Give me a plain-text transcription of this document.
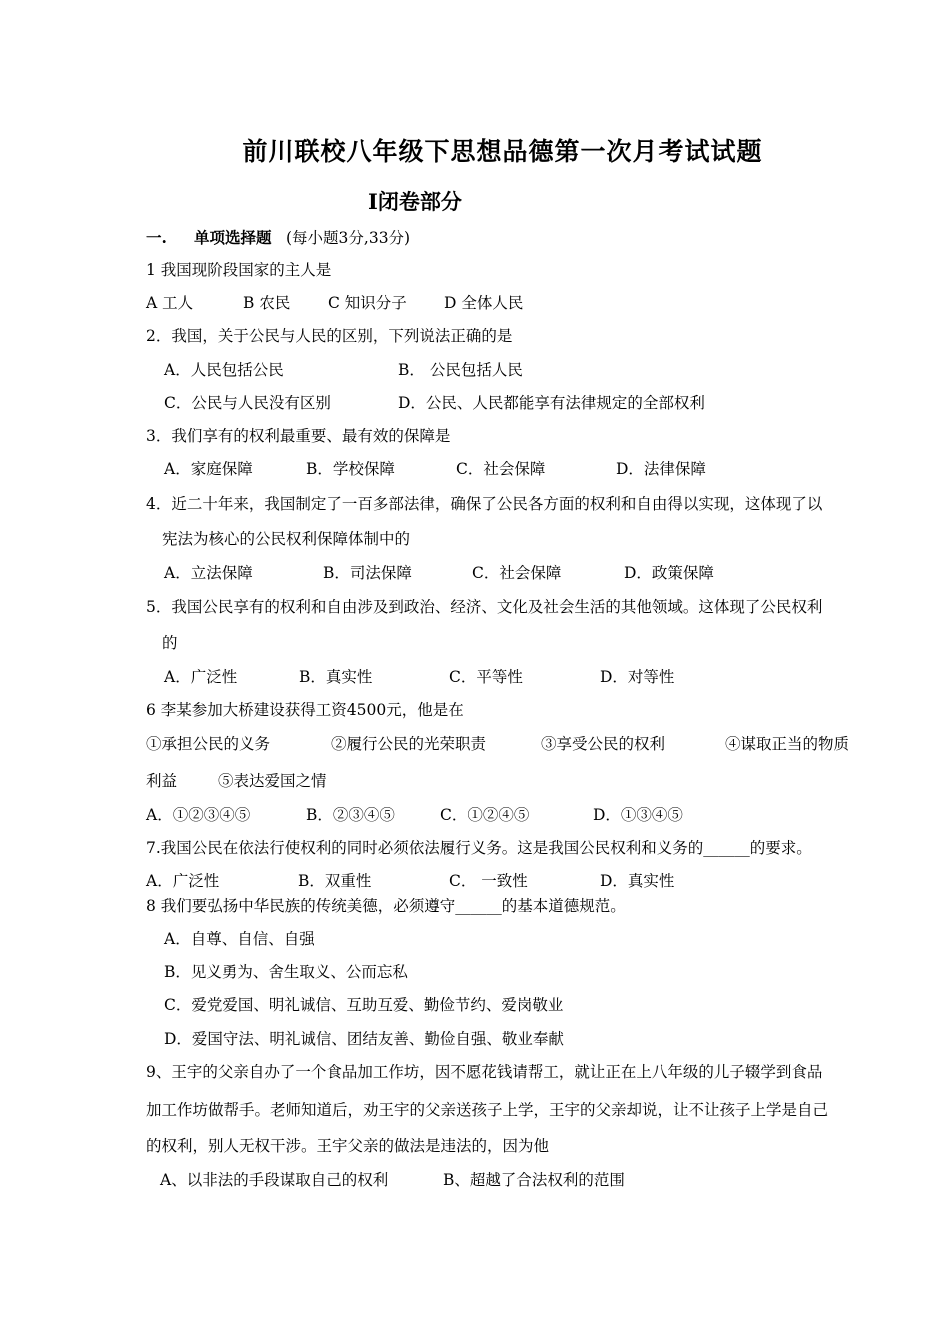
前川联校八年级下思想品德第一次月考试试题
Ⅰ闭卷部分
一. 单项选择题 (每小题3分,33分)
1 我国现阶段国家的主人是
A 工人	B 农民 C 知识分子 D 全体人民
2．我国，关于公民与人民的区别，下列说法正确的是
A．人民包括公民	B． 公民包括人民
C．公民与人民没有区别	D．公民、人民都能享有法律规定的全部权利
3．我们享有的权利最重要、最有效的保障是
A．家庭保障	B．学校保障	C．社会保障	D．法律保障
4．近二十年来，我国制定了一百多部法律，确保了公民各方面的权利和自由得以实现，这体现了以
宪法为核心的公民权利保障体制中的
A．立法保障	B．司法保障	C．社会保障	D．政策保障
5．我国公民享有的权利和自由涉及到政治、经济、文化及社会生活的其他领域。这体现了公民权利
的
A．广泛性	B．真实性	C．平等性	D．对等性
6 李某参加大桥建设获得工资4500元，他是在
①承担公民的义务	②履行公民的光荣职责	③享受公民的权利	④谋取正当的物质
利益	⑤表达爱国之情
A．①②③④⑤	B．②③④⑤	C．①②④⑤	D．①③④⑤
7.我国公民在依法行使权利的同时必须依法履行义务。这是我国公民权利和义务的______的要求。
A．广泛性	B．双重性	C． 一致性	D．真实性
8 我们要弘扬中华民族的传统美德，必须遵守______的基本道德规范。
A．自尊、自信、自强
B．见义勇为、舍生取义、公而忘私
C．爱党爱国、明礼诚信、互助互爱、勤俭节约、爱岗敬业
D．爱国守法、明礼诚信、团结友善、勤俭自强、敬业奉献
9、王宇的父亲自办了一个食品加工作坊，因不愿花钱请帮工，就让正在上八年级的儿子辍学到食品
加工作坊做帮手。老师知道后，劝王宇的父亲送孩子上学，王宇的父亲却说，让不让孩子上学是自己
的权利，别人无权干涉。王宇父亲的做法是违法的，因为他
A、以非法的手段谋取自己的权利	B、超越了合法权利的范围
